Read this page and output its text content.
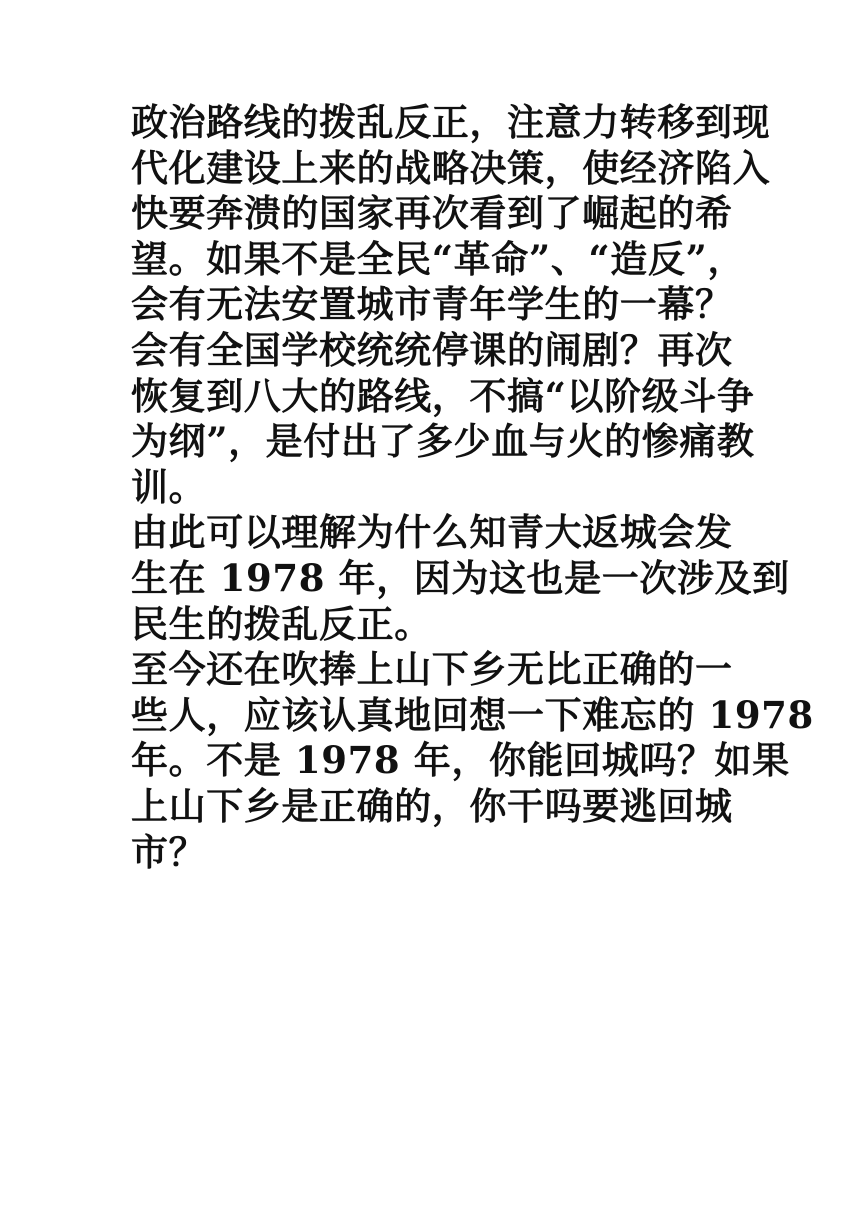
政治路线的拨乱反正，注意力转移到现
代化建设上来的战略决策，使经济陷入
快要奔溃的国家再次看到了崛起的希
望。如果不是全民“革命”、“造反”，
会有无法安置城市青年学生的一幕？
会有全国学校统统停课的闹剧？再次
恢复到八大的路线，不搞“以阶级斗争
为纲”，是付出了多少血与火的惨痛教
训。
由此可以理解为什么知青大返城会发
生在 1978 年，因为这也是一次涉及到
民生的拨乱反正。
至今还在吹捧上山下乡无比正确的一
些人，应该认真地回想一下难忘的 1978
年。不是 1978 年，你能回城吗？如果
上山下乡是正确的，你干吗要逃回城
市？
